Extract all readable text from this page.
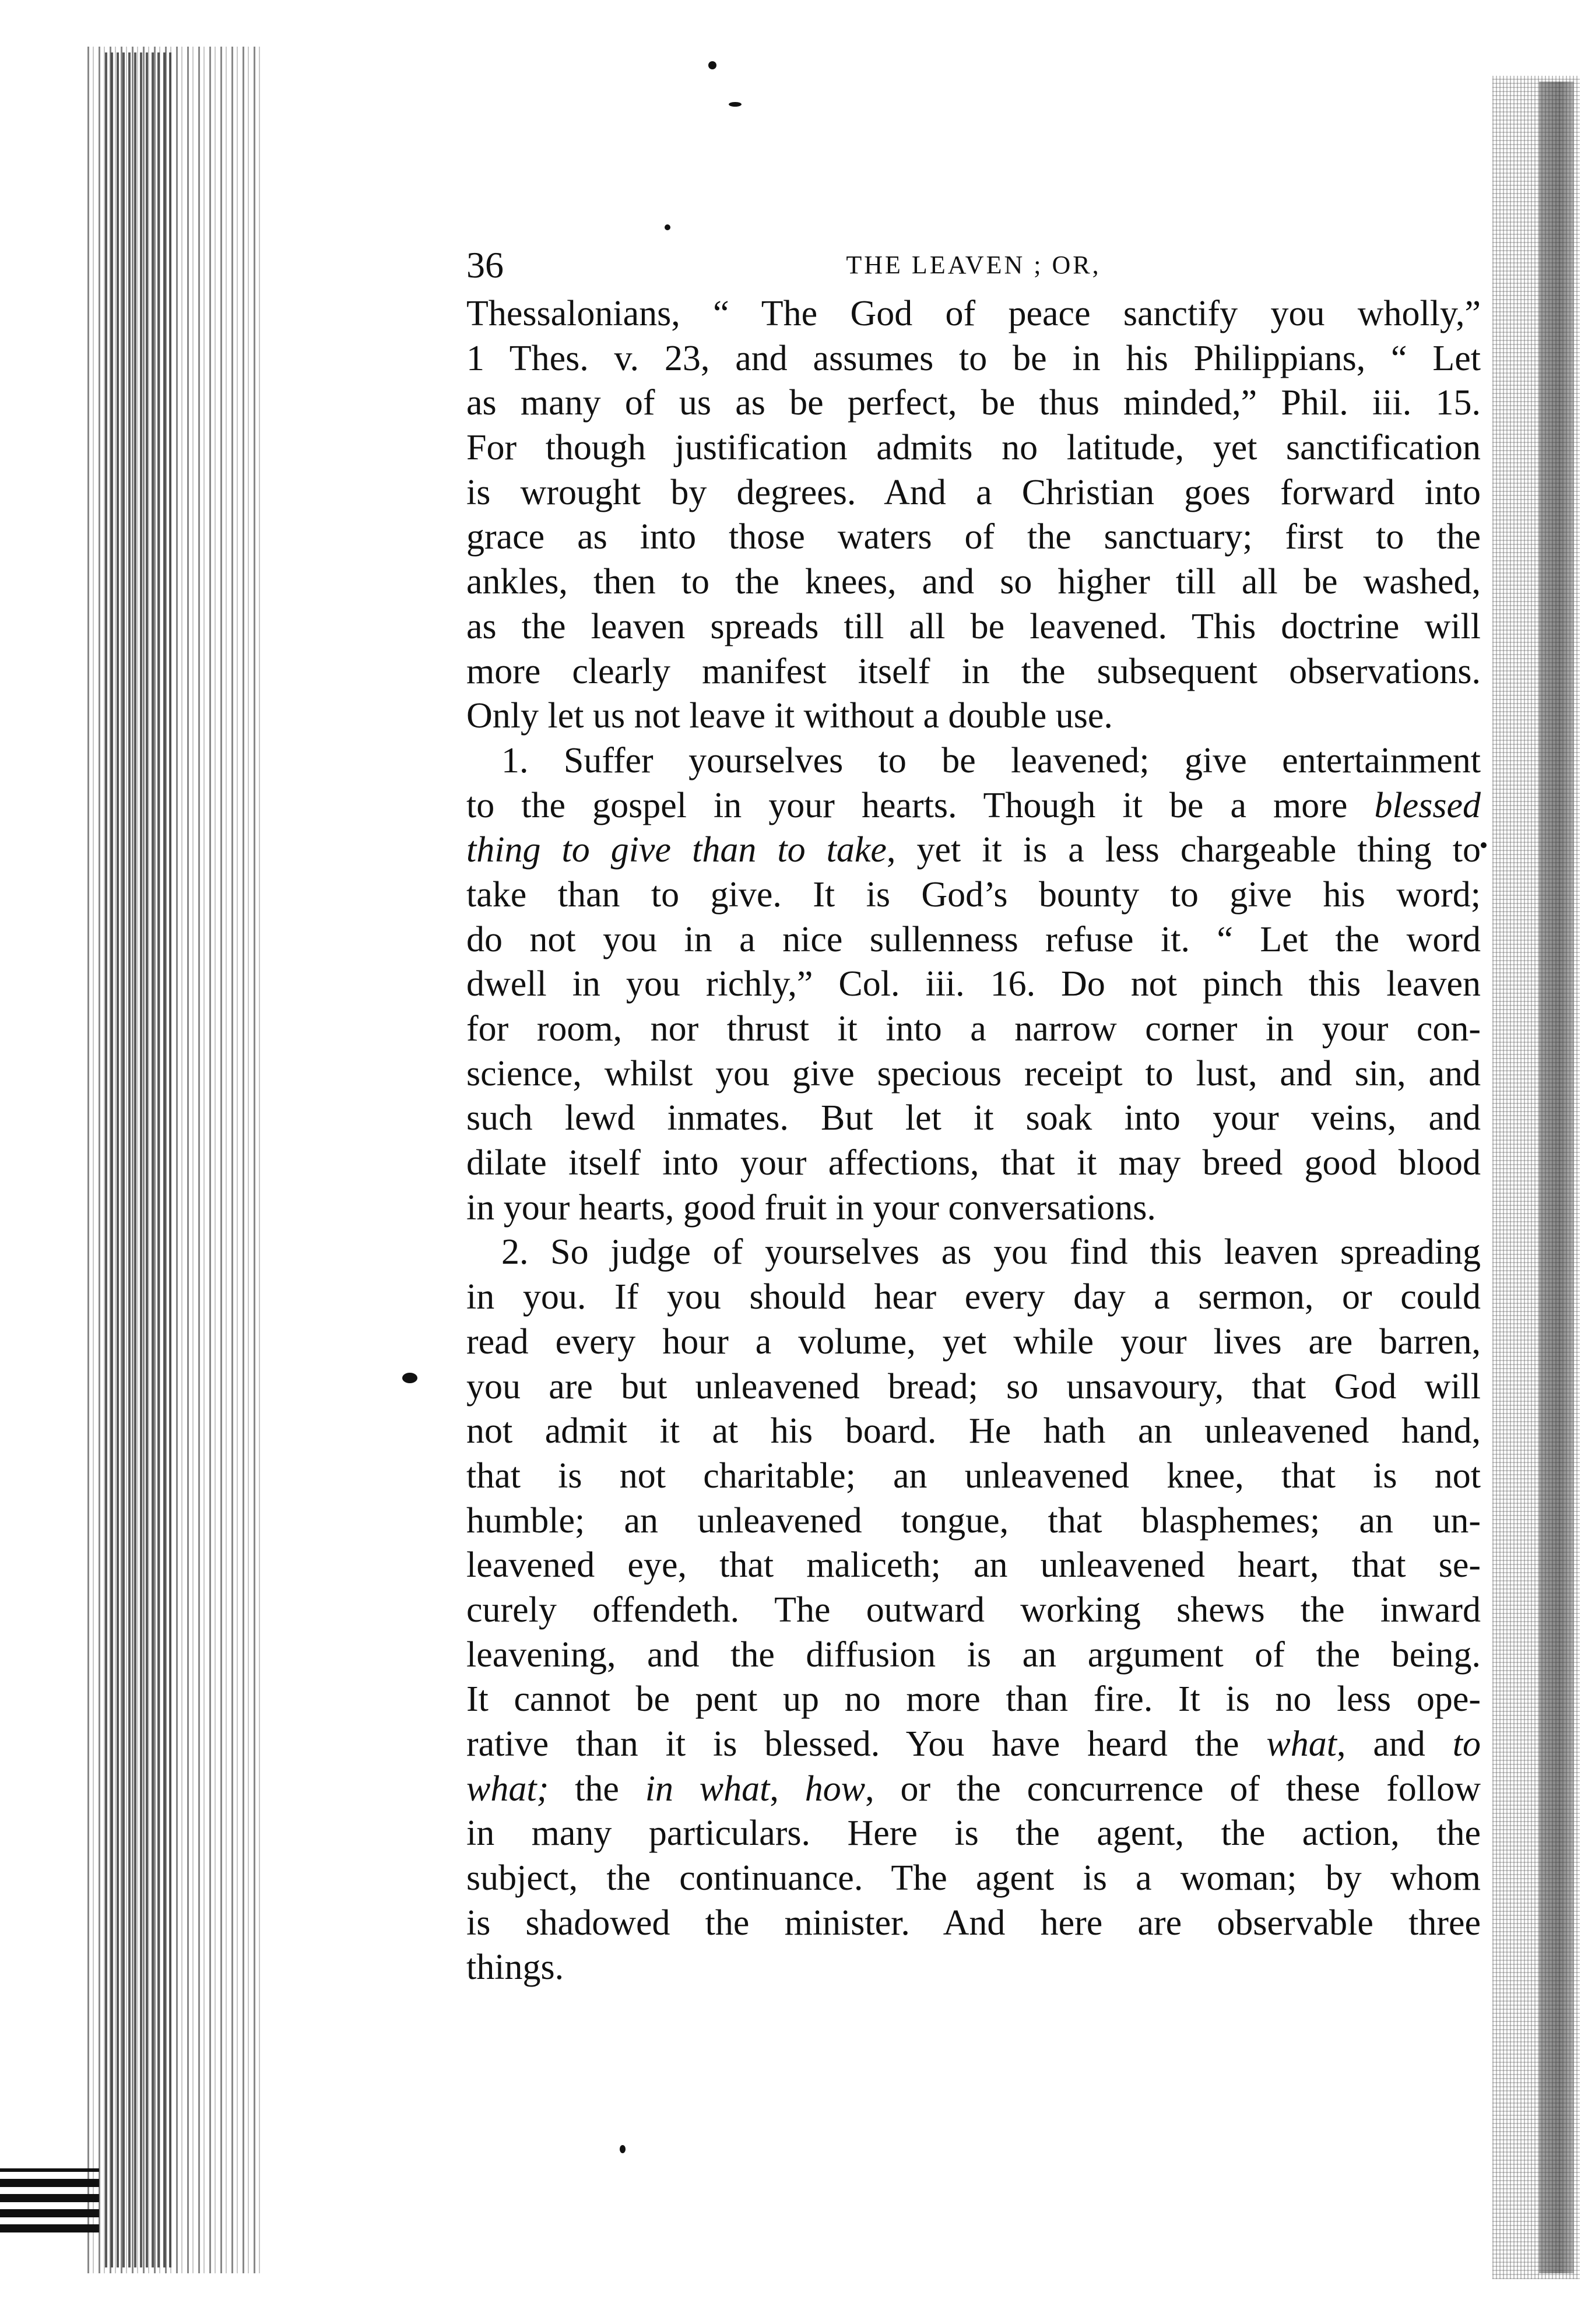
36	THE LEAVEN ; OR,
Thessalonians, “ The God of peace sanctify you wholly,”
1 Thes. v. 23, and assumes to be in his Philippians, “ Let
as many of us as be perfect, be thus minded,” Phil. iii. 15.
For though justification admits no latitude, yet sanctification
is wrought by degrees. And a Christian goes forward into
grace as into those waters of the sanctuary; first to the
ankles, then to the knees, and so higher till all be washed,
as the leaven spreads till all be leavened. This doctrine will
more clearly manifest itself in the subsequent observations.
Only let us not leave it without a double use.
1. Suffer yourselves to be leavened; give entertainment
to the gospel in your hearts. Though it be a more blessed
thing to give than to take, yet it is a less chargeable thing to
take than to give. It is God’s bounty to give his word;
do not you in a nice sullenness refuse it. “ Let the word
dwell in you richly,” Col. iii. 16. Do not pinch this leaven
for room, nor thrust it into a narrow corner in your con-
science, whilst you give specious receipt to lust, and sin, and
such lewd inmates. But let it soak into your veins, and
dilate itself into your affections, that it may breed good blood
in your hearts, good fruit in your conversations.
2. So judge of yourselves as you find this leaven spreading
in you. If you should hear every day a sermon, or could
read every hour a volume, yet while your lives are barren,
you are but unleavened bread; so unsavoury, that God will
not admit it at his board. He hath an unleavened hand,
that is not charitable; an unleavened knee, that is not
humble; an unleavened tongue, that blasphemes; an un-
leavened eye, that maliceth; an unleavened heart, that se-
curely offendeth. The outward working shews the inward
leavening, and the diffusion is an argument of the being.
It cannot be pent up no more than fire. It is no less ope-
rative than it is blessed. You have heard the what, and to
what; the in what, how, or the concurrence of these follow
in many particulars. Here is the agent, the action, the
subject, the continuance. The agent is a woman; by whom
is shadowed the minister. And here are observable three
things.
